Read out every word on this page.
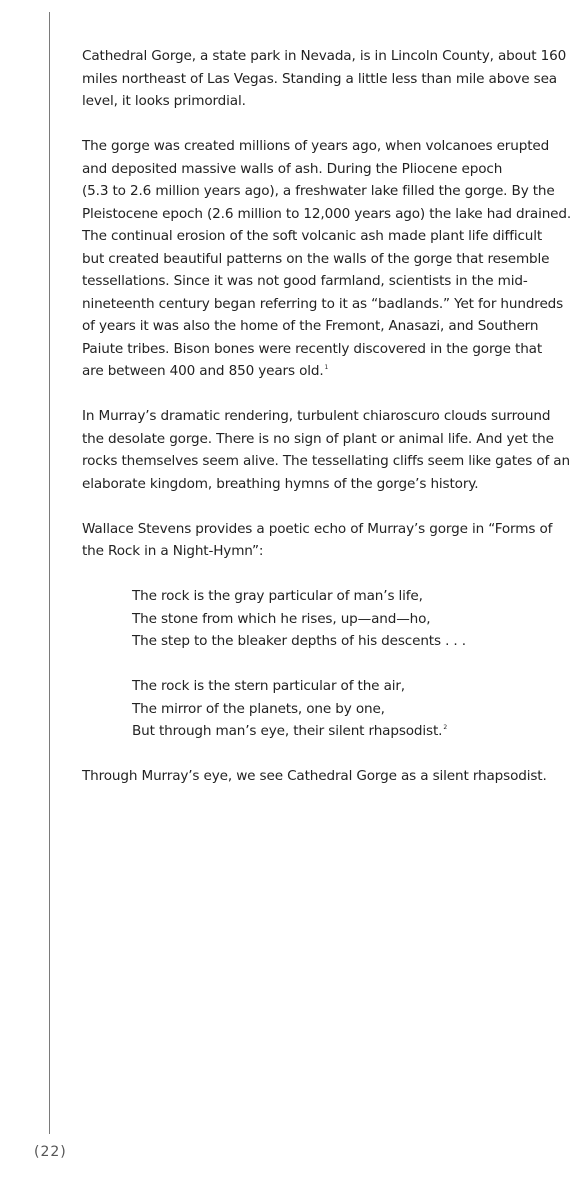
Cathedral Gorge, a state park in Nevada, is in Lincoln County, about 160
miles northeast of Las Vegas. Standing a little less than mile above sea
level, it looks primordial.
The gorge was created millions of years ago, when volcanoes erupted
and deposited massive walls of ash. During the Pliocene epoch
(5.3 to 2.6 million years ago), a freshwater lake filled the gorge. By the
Pleistocene epoch (2.6 million to 12,000 years ago) the lake had drained.
The continual erosion of the soft volcanic ash made plant life difficult
but created beautiful patterns on the walls of the gorge that resemble
tessellations. Since it was not good farmland, scientists in the mid-
nineteenth century began referring to it as “badlands.” Yet for hundreds
of years it was also the home of the Fremont, Anasazi, and Southern
Paiute tribes. Bison bones were recently discovered in the gorge that
are between 400 and 850 years old.$^1$
In Murray’s dramatic rendering, turbulent chiaroscuro clouds surround
the desolate gorge. There is no sign of plant or animal life. And yet the
rocks themselves seem alive. The tessellating cliffs seem like gates of an
elaborate kingdom, breathing hymns of the gorge’s history.
Wallace Stevens provides a poetic echo of Murray’s gorge in “Forms of
the Rock in a Night-Hymn”:
The rock is the gray particular of man’s life,
The stone from which he rises, up—and—ho,
The step to the bleaker depths of his descents . . .
The rock is the stern particular of the air,
The mirror of the planets, one by one,
But through man’s eye, their silent rhapsodist.$^2$
Through Murray’s eye, we see Cathedral Gorge as a silent rhapsodist.
(22)
